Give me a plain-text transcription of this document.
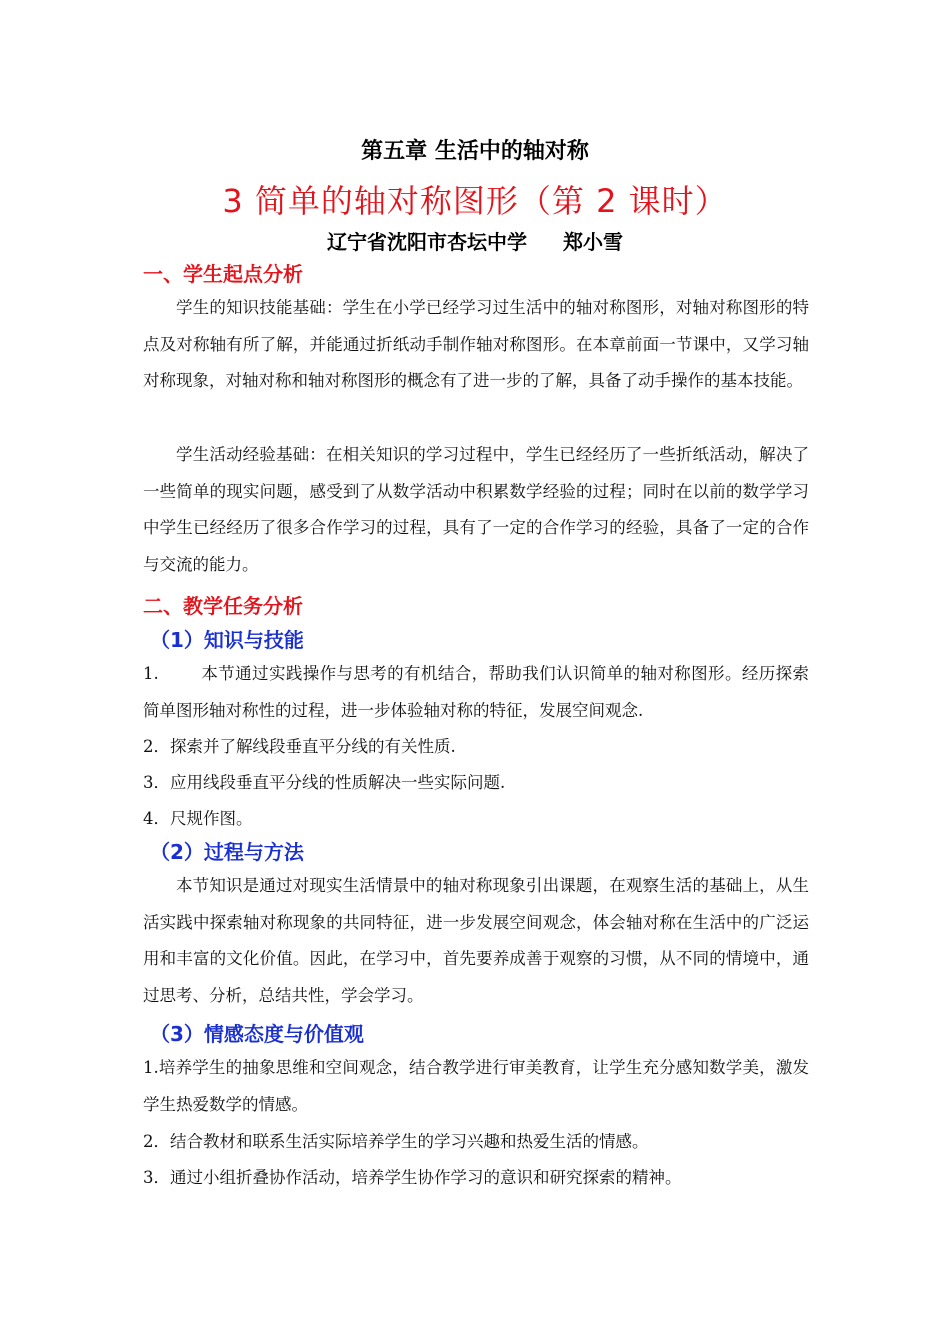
第五章 生活中的轴对称
3 简单的轴对称图形（第 2 课时）
辽宁省沈阳市杏坛中学 郑小雪
一、学生起点分析
学生的知识技能基础：学生在小学已经学习过生活中的轴对称图形，对轴对称图形的特点及对称轴有所了解，并能通过折纸动手制作轴对称图形。在本章前面一节课中，又学习轴对称现象，对轴对称和轴对称图形的概念有了进一步的了解，具备了动手操作的基本技能。
学生活动经验基础：在相关知识的学习过程中，学生已经经历了一些折纸活动，解决了一些简单的现实问题，感受到了从数学活动中积累数学经验的过程；同时在以前的数学学习中学生已经经历了很多合作学习的过程，具有了一定的合作学习的经验，具备了一定的合作与交流的能力。
二、教学任务分析
（1）知识与技能
1.	本节通过实践操作与思考的有机结合，帮助我们认识简单的轴对称图形。经历探索简单图形轴对称性的过程，进一步体验轴对称的特征，发展空间观念.
2．探索并了解线段垂直平分线的有关性质.
3．应用线段垂直平分线的性质解决一些实际问题.
4．尺规作图。
（2）过程与方法
本节知识是通过对现实生活情景中的轴对称现象引出课题，在观察生活的基础上，从生活实践中探索轴对称现象的共同特征，进一步发展空间观念，体会轴对称在生活中的广泛运用和丰富的文化价值。因此，在学习中，首先要养成善于观察的习惯，从不同的情境中，通过思考、分析，总结共性，学会学习。
（3）情感态度与价值观
1.培养学生的抽象思维和空间观念，结合教学进行审美教育，让学生充分感知数学美，激发学生热爱数学的情感。
2．结合教材和联系生活实际培养学生的学习兴趣和热爱生活的情感。
3．通过小组折叠协作活动，培养学生协作学习的意识和研究探索的精神。
